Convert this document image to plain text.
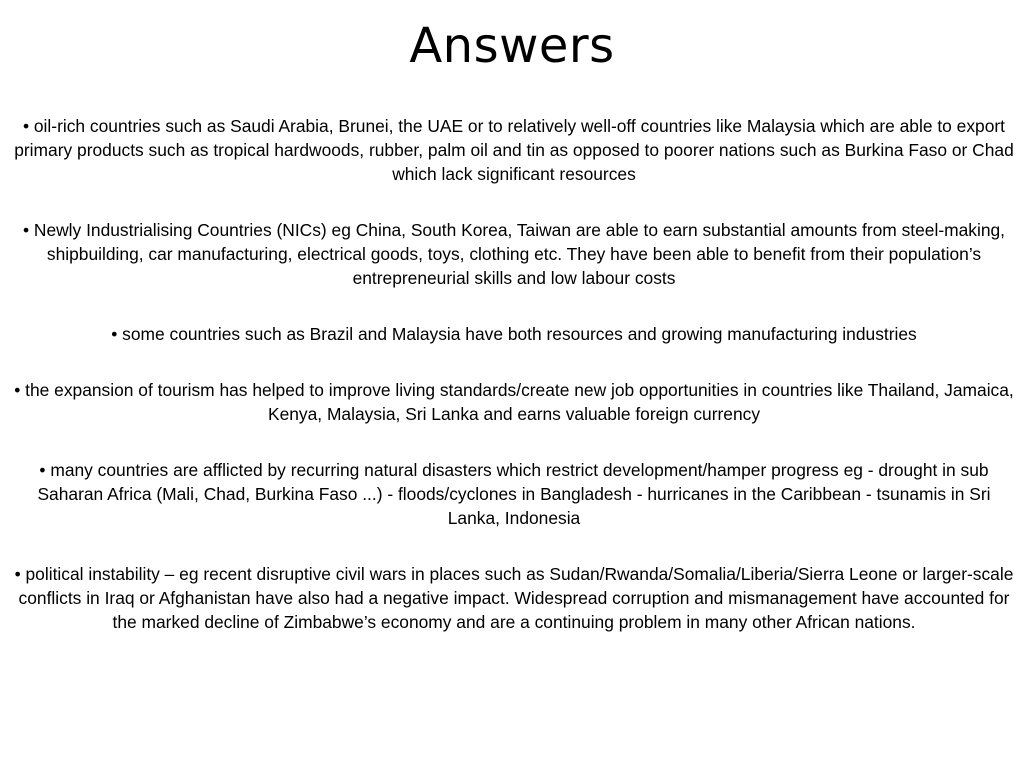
Answers
• oil-rich countries such as Saudi Arabia, Brunei, the UAE or to relatively well-off countries like Malaysia which are able to export primary products such as tropical hardwoods, rubber, palm oil and tin as opposed to poorer nations such as Burkina Faso or Chad which lack significant resources
• Newly Industrialising Countries (NICs) eg China, South Korea, Taiwan are able to earn substantial amounts from steel-making, shipbuilding, car manufacturing, electrical goods, toys, clothing etc. They have been able to benefit from their population’s entrepreneurial skills and low labour costs
• some countries such as Brazil and Malaysia have both resources and growing manufacturing industries
• the expansion of tourism has helped to improve living standards/create new job opportunities in countries like Thailand, Jamaica, Kenya, Malaysia, Sri Lanka and earns valuable foreign currency
• many countries are afflicted by recurring natural disasters which restrict development/hamper progress eg - drought in sub Saharan Africa (Mali, Chad, Burkina Faso ...) - floods/cyclones in Bangladesh - hurricanes in the Caribbean - tsunamis in Sri Lanka, Indonesia
• political instability – eg recent disruptive civil wars in places such as Sudan/Rwanda/Somalia/Liberia/Sierra Leone or larger-scale conflicts in Iraq or Afghanistan have also had a negative impact. Widespread corruption and mismanagement have accounted for the marked decline of Zimbabwe’s economy and are a continuing problem in many other African nations.
